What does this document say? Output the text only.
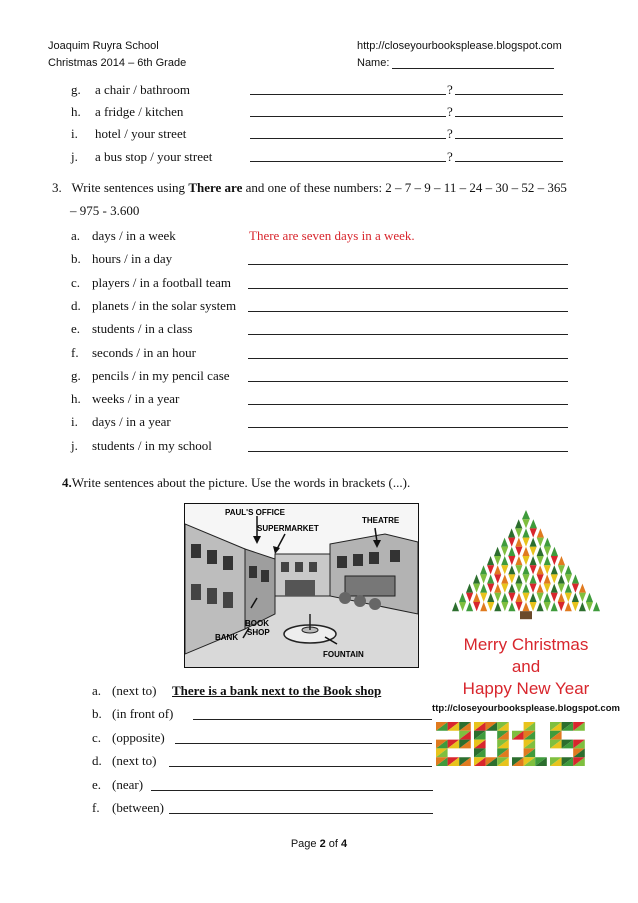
Joaquim Ruyra School
Christmas 2014 – 6th Grade
http://closeyourbooksplease.blogspot.com
Name:
g. a chair / bathroom	?
h. a fridge / kitchen	?
i. hotel / your street	?
j. a bus stop / your street	?
3. Write sentences using There are and one of these numbers: 2 – 7 – 9 – 11 – 24 – 30 – 52 – 365
– 975 - 3.600
a. days / in a week	There are seven days in a week.
b. hours / in a day
c. players / in a football team
d. planets / in the solar system
e. students / in a class
f. seconds / in an hour
g. pencils / in my pencil case
h. weeks / in a year
i. days / in a year
j. students / in my school
4.Write sentences about the picture. Use the words in brackets (...).
PAUL'S OFFICE
SUPERMARKET
THEATRE
BOOK
SHOP
BANK
FOUNTAIN
a. (next to) There is a bank next to the Book shop
b. (in front of)
c. (opposite)
d. (next to)
e. (near)
f. (between)
Merry Christmas
and
Happy New Year
ttp://closeyourbooksplease.blogspot.com
2015
Page 2 of 4
